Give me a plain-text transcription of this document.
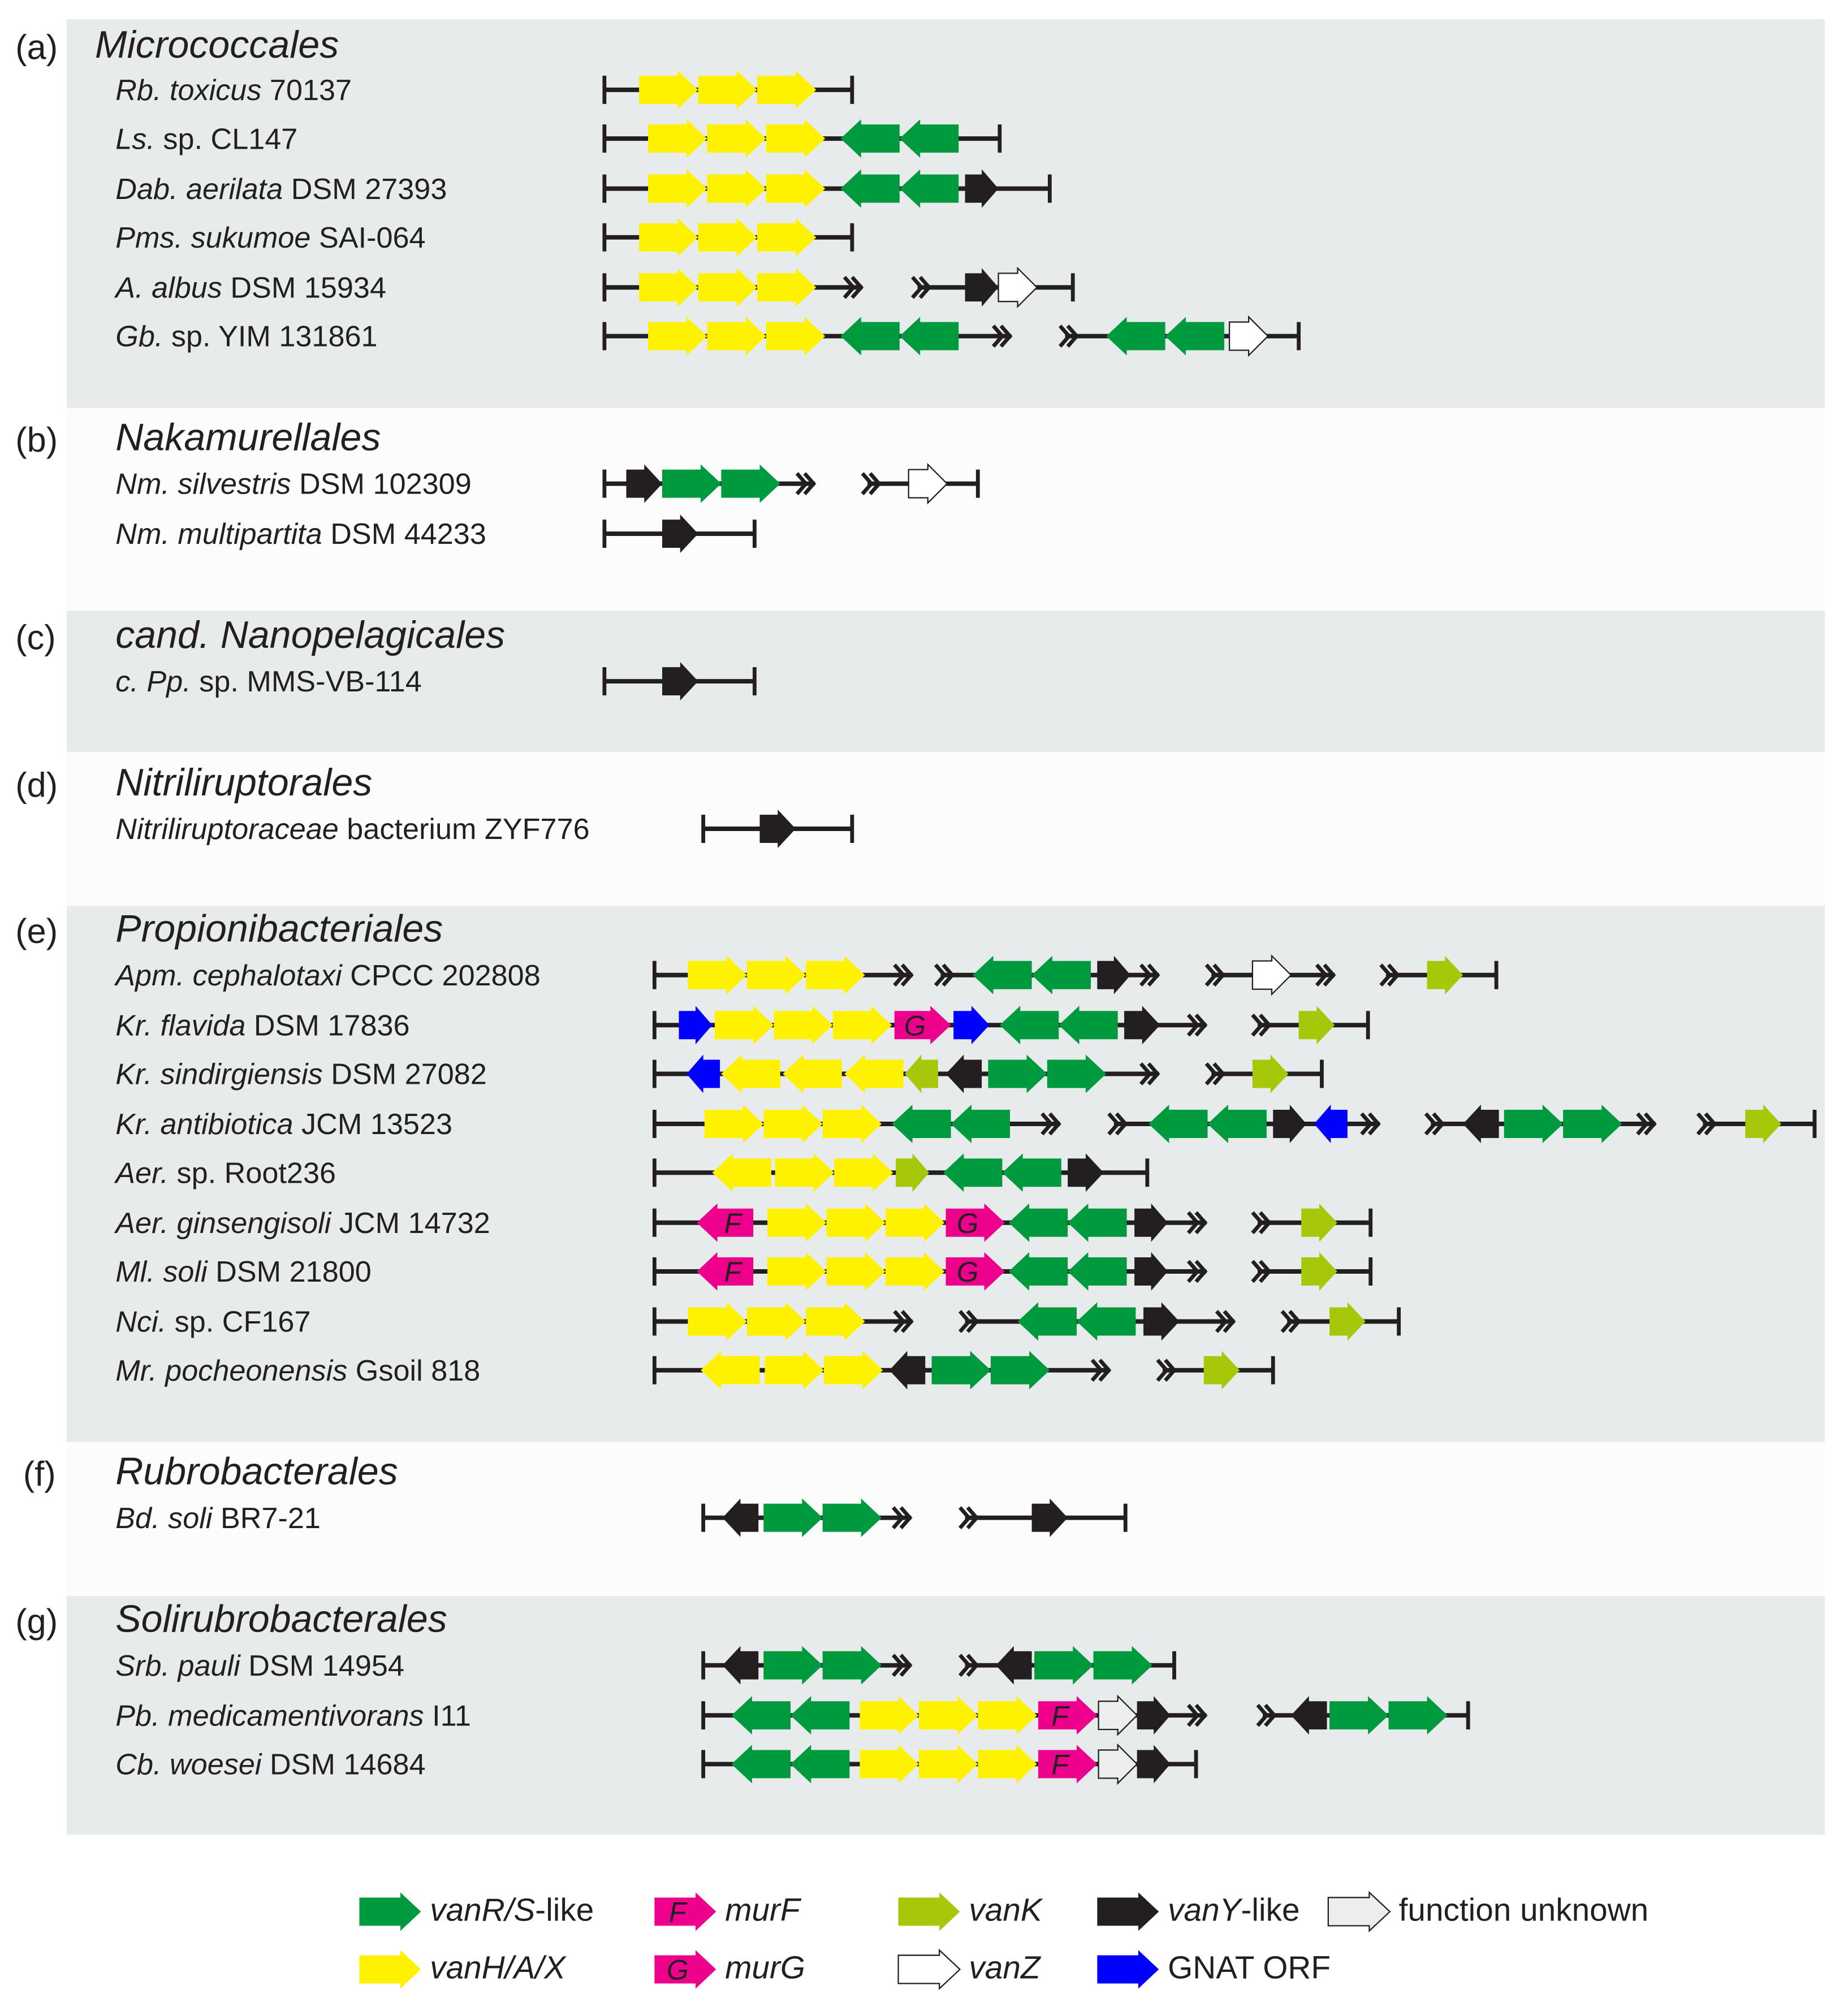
(a) Micrococcales
Rb. toxicus 70137
Ls. sp. CL147
Dab. aerilata DSM 27393
Pms. sukumoe SAI-064
A. albus DSM 15934
Gb. sp. YIM 131861
(b)	Nakamurellales
Nm. silvestris DSM 102309
Nm. multipartita DSM 44233
(c)	cand. Nanopelagicales
c. Pp. sp. MMS-VB-114
(d)	Nitriliruptorales
Nitriliruptoraceae bacterium ZYF776
(e)	Propionibacteriales
Apm. cephalotaxi CPCC 202808
Kr. flavida DSM 17836
Kr. sindirgiensis DSM 27082
Kr. antibiotica JCM 13523
Aer. sp. Root236
Aer. ginsengisoli JCM 14732
Ml. soli DSM 21800
Nci. sp. CF167
Mr. pocheonensis Gsoil 818
(f)	Rubrobacterales
Bd. soli BR7-21
(g)	Solirubrobacterales
Srb. pauli DSM 14954
Pb. medicamentivorans I11
Cb. woesei DSM 14684
G
F	G
F	G
F
F
F
G
vanR/S-like
vanH/A/X
murF
murG
vanK
vanZ
vanY-like
GNAT ORF
function unknown
